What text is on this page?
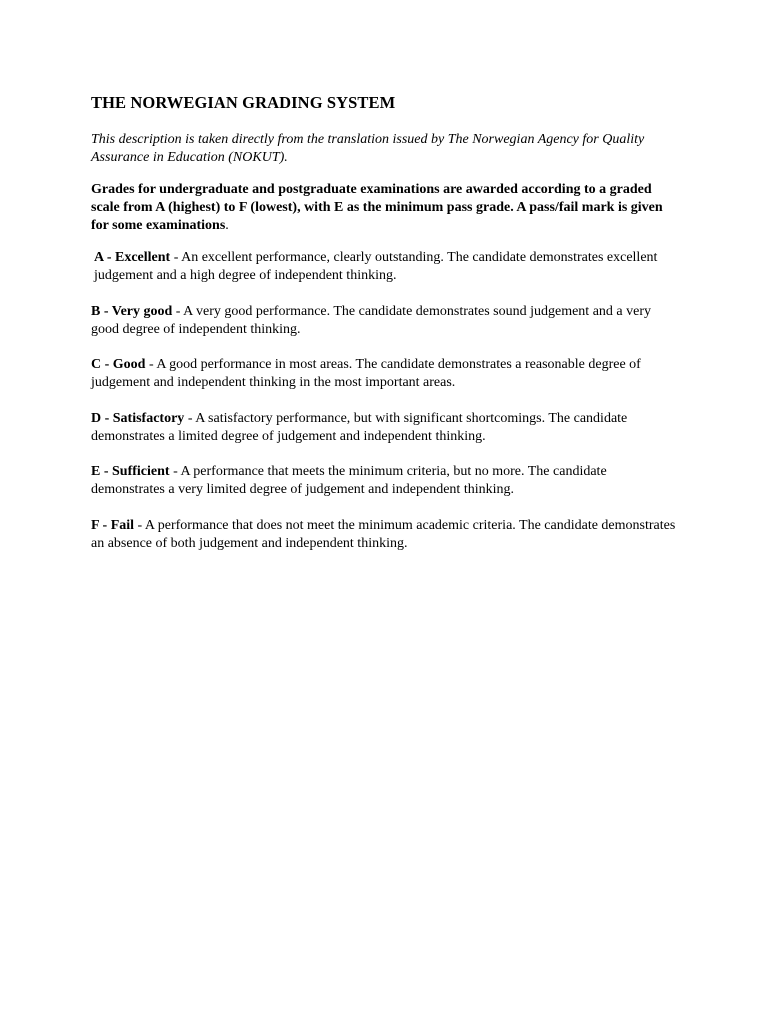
THE NORWEGIAN GRADING SYSTEM

This description is taken directly from the translation issued by The Norwegian Agency for Quality Assurance in Education (NOKUT).

Grades for undergraduate and postgraduate examinations are awarded according to a graded scale from A (highest) to F (lowest), with E as the minimum pass grade. A pass/fail mark is given for some examinations.

A - Excellent - An excellent performance, clearly outstanding. The candidate demonstrates excellent judgement and a high degree of independent thinking.

B - Very good - A very good performance. The candidate demonstrates sound judgement and a very good degree of independent thinking.

C - Good - A good performance in most areas. The candidate demonstrates a reasonable degree of judgement and independent thinking in the most important areas.

D - Satisfactory - A satisfactory performance, but with significant shortcomings. The candidate demonstrates a limited degree of judgement and independent thinking.

E - Sufficient - A performance that meets the minimum criteria, but no more. The candidate demonstrates a very limited degree of judgement and independent thinking.

F - Fail - A performance that does not meet the minimum academic criteria. The candidate demonstrates an absence of both judgement and independent thinking.
